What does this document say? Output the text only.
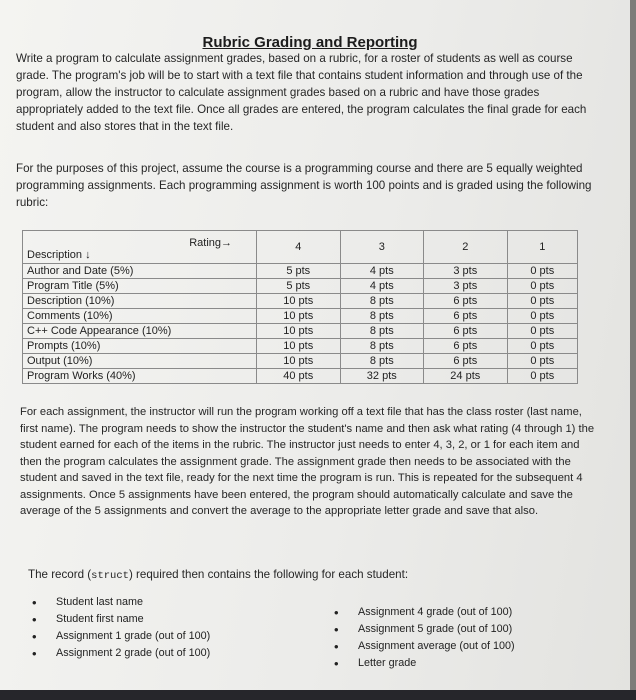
Rubric Grading and Reporting

Write a program to calculate assignment grades, based on a rubric, for a roster of students as well as course grade. The program's job will be to start with a text file that contains student information and through use of the program, allow the instructor to calculate assignment grades based on a rubric and have those grades appropriately added to the text file. Once all grades are entered, the program calculates the final grade for each student and also stores that in the text file.

For the purposes of this project, assume the course is a programming course and there are 5 equally weighted programming assignments. Each programming assignment is worth 100 points and is graded using the following rubric:

Rating→
Description ↓	4	3	2	1
Author and Date (5%)	5 pts	4 pts	3 pts	0 pts
Program Title (5%)	5 pts	4 pts	3 pts	0 pts
Description (10%)	10 pts	8 pts	6 pts	0 pts
Comments (10%)	10 pts	8 pts	6 pts	0 pts
C++ Code Appearance (10%)	10 pts	8 pts	6 pts	0 pts
Prompts (10%)	10 pts	8 pts	6 pts	0 pts
Output (10%)	10 pts	8 pts	6 pts	0 pts
Program Works (40%)	40 pts	32 pts	24 pts	0 pts

For each assignment, the instructor will run the program working off a text file that has the class roster (last name, first name). The program needs to show the instructor the student's name and then ask what rating (4 through 1) the student earned for each of the items in the rubric. The instructor just needs to enter 4, 3, 2, or 1 for each item and then the program calculates the assignment grade. The assignment grade then needs to be associated with the student and saved in the text file, ready for the next time the program is run. This is repeated for the subsequent 4 assignments. Once 5 assignments have been entered, the program should automatically calculate and save the average of the 5 assignments and convert the average to the appropriate letter grade and save that also.

The record (struct) required then contains the following for each student:

• Student last name
• Student first name
• Assignment 1 grade (out of 100)
• Assignment 2 grade (out of 100)
• Assignment 4 grade (out of 100)
• Assignment 5 grade (out of 100)
• Assignment average (out of 100)
• Letter grade
